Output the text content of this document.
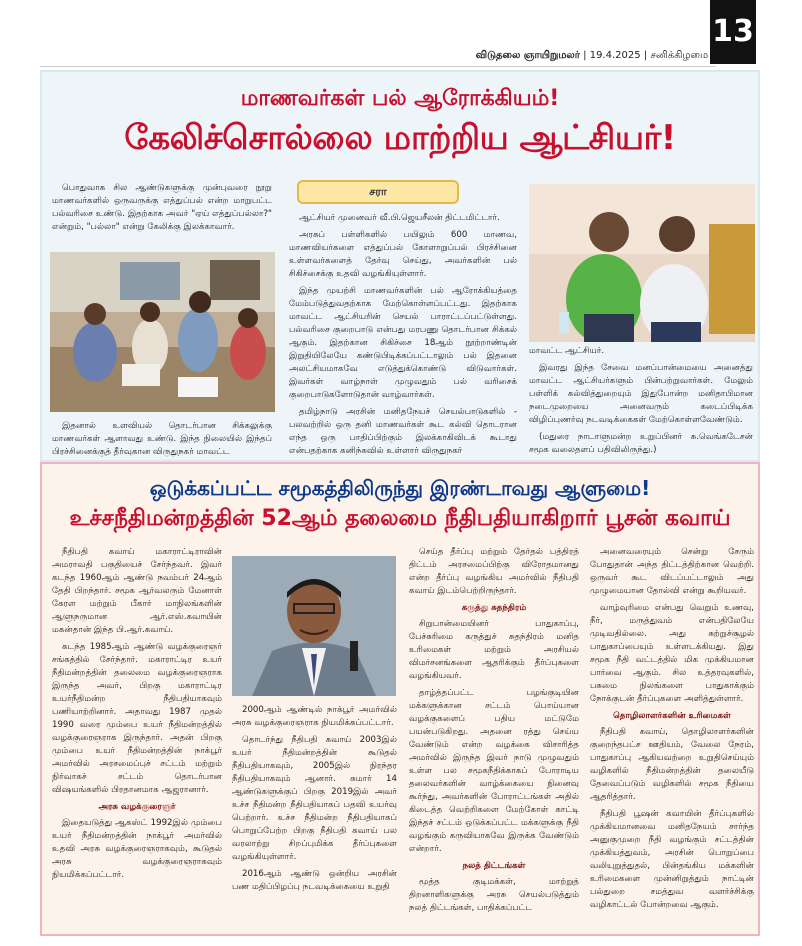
13
விடுதலை ஞாயிறுமலர் | 19.4.2025 | சனிக்கிழமை
மாணவர்கள் பல் ஆரோக்கியம்!
கேலிச்சொல்லை மாற்றிய ஆட்சியர்!

பொதுவாக சில ஆண்டுகளுக்கு முன்புவரை நூறு மாணவர்களில் ஒருவருக்கு எத்துப்பல் என்ற மாறுபட்ட பல்வரிசை உண்டு. இதற்காக அவர் "ஏய் எத்துப்பல்லா?" என்றும், "பல்லா" என்று கேலிக்கு இலக்காவார்.

இதனால் உளவியல் தொடர்பான சிக்கலுக்கு மாணவர்கள் ஆளாவது உண்டு. இந்த நிலையில் இந்தப் பிரச்சினைக்குத் தீர்வுகான விருதுநகர் மாவட்ட

சரா

ஆட்சியர் முனைவர் வீ.பி.ஜெயசீலன் திட்டமிட்டார்.

அரசுப் பள்ளிகளில் பயிலும் 600 மாணவ, மாணவியர்களை எத்துப்பல் கோளாறுப்பல் பிரச்சினை உள்ளவர்களைத் தேர்வு செய்து, அவர்களின் பல் சிகிச்சைக்கு உதவி வழங்கியுள்ளார்.

இந்த முயற்சி மாணவர்களின் பல் ஆரோக்கியத்தை மேம்படுத்துவதற்காக மேற்கொள்ளப்பட்டது. இதற்காக மாவட்ட ஆட்சியரின் செயல் பாராட்டப்பட்டுள்ளது. பல்வரிசை குறைபாடு என்பது மரபணு தொடர்பான சிக்கல் ஆகும். இதற்கான சிகிச்சை 18ஆம் நூற்றாண்டின் இறுதியிலேயே கண்டுபிடிக்கப்பட்டாலும் பல் இதனை அலட்சியமாகவே எடுத்துக்கொண்டு விடுவார்கள். இவர்கள் வாழ்நாள் முழுவதும் பல் வரிசைக் குறைபாடுகளோடுதான் வாழ்வார்கள்.

தமிழ்நாடு அரசின் மனிதநேயச் செயல்பாடுகளில் - பலவற்றில் ஒரு தனி மாணவர்கள் கூட கல்வி தொடரான எந்த ஒரு பாதிப்பிற்கும் இலக்காகிவிடக் கூடாது என்பதற்காக கனிந்கவில் உள்ளார் விருதுநகர்

மாவட்ட ஆட்சியர்.

இவரது இந்த சேவை மனப்பான்மையை அனைத்து மாவட்ட ஆட்சியர்களும் பின்பற்றுவார்கள். மேலும் பள்ளிக் கல்வித்துறையும் இதுபோன்ற மனிதாபிமான நடைமுறையை அனைவரும் கடைப்பிடிக்க விழிப்புணர்வு நடவடிக்கைகள் மேற்கொள்ளவேண்டும்.

(மதுரை நாடாளுமன்ற உறுப்பினர் சு.வெங்கடேசன் சமூக வலைதளப் பதிவிலிருந்து.)

ஒடுக்கப்பட்ட சமூகத்திலிருந்து இரண்டாவது ஆளுமை!
உச்சநீதிமன்றத்தின் 52ஆம் தலைமை நீதிபதியாகிறார் பூசன் கவாய்

நீதிபதி கவாய் மகாராட்டிராவின் அமராவதி பகுதியைச் சேர்ந்தவர். இவர் கடந்த 1960ஆம் ஆண்டு நவம்பர் 24ஆம் தேதி பிறந்தார். சமூக ஆர்வலரும் மேனாள் கேரள மற்றும் பீகார் மாநிலங்களின் ஆளுநருமான ஆர்.எஸ்.கவாயின் மகன்தான் இந்த பி.ஆர்.கவாய்.

கடந்த 1985ஆம் ஆண்டு வழக்குரைஞர் சங்கத்தில் சேர்ந்தார். மகாராட்டிர உயர் நீதிமன்றத்தின் தலைமை வழக்குரைஞராக இருந்த அவர், பிறகு மகாராட்டிர உயர்நீதிமன்ற நீதிபதியாகவும் பணியாற்றினார். அதாவது 1987 முதல் 1990 வரை மும்பை உயர் நீதிமன்றத்தில் வழக்குரைஞராக இருந்தார். அதன் பிறகு மும்பை உயர் நீதிமன்றத்தின் நாக்பூர் அமர்வில் அரசமைப்புச் சட்டம் மற்றும் நிர்வாகச் சட்டம் தொடர்பான விஷயங்களில் பிரதானமாக ஆஜரானார்.

அரசு வழக்குரைஞர்

இதையடுத்து ஆகஸ்ட் 1992இல் மும்பை உயர் நீதிமன்றத்தின் நாக்பூர் அமர்வில் உதவி அரசு வழக்குரைஞராகவும், கூடுதல் அரசு வழக்குரைஞராகவும் நியமிக்கப்பட்டார்.

2000ஆம் ஆண்டில் நாக்பூர் அமர்வில் அரசு வழக்குரைஞராக நியமிக்கப்பட்டார்.

தொடர்ந்து நீதிபதி கவாய் 2003இல் உயர் நீதிமன்றத்தின் கூடுதல் நீதிபதியாகவும், 2005இல் நிரந்தர நீதிபதியாகவும் ஆனார். சுமார் 14 ஆண்டுகளுக்குப் பிறகு 2019இல் அவர் உச்ச நீதிமன்ற நீதிபதியாகப் பதவி உயர்வு பெற்றார். உச்ச நீதிமன்ற நீதிபதியாகப் பொறுப்பேற்ற பிறகு நீதிபதி கவாய் பல வரலாற்று சிறப்புமிக்க தீர்ப்புகளை வழங்கியுள்ளார்.

2016ஆம் ஆண்டு ஒன்றிய அரசின் பண மதிப்பிழப்பு நடவடிக்கையை உறுதி

செய்த தீர்ப்பு மற்றும் தேர்தல் பத்திரத் திட்டம் அரசமைப்பிற்கு விரோதமானது என்ற தீர்ப்பு வழங்கிய அமர்வில் நீதிபதி கவாய் இடம்பெற்றிருந்தார்.

கருத்து சுதந்திரம்

சிறுபான்மையினர் பாதுகாப்பு, பேச்சுரிமை கருத்துச் சுதந்திரம் மனித உரிமைகள் மற்றும் அரசியல் விமர்சனங்களை ஆதரிக்கும் தீர்ப்புகளை வழங்கியவர்.

தாழ்த்தப்பட்ட பழங்குடியின மக்களுக்கான சட்டம் பொய்யான வழக்குகளைப் பதிய மட்டுமே பயன்படுகிறது. அதனை ரத்து செய்ய வேண்டும் என்ற வழக்கை விசாரித்த அமர்வில் இருந்த இவர் நாடு முழுவதும் உள்ள பல சமூகநீதிக்காகப் போராடிய தலைவர்களின் வாழ்க்கையை நினைவு கூர்ந்து, அவர்களின் போராட்டங்கள் அதில் கிடைத்த வெற்றிகளை மேற்கோள் காட்டி இந்தச் சட்டம் ஒடுக்கப்பட்ட மக்களுக்கு நீதி வழங்கும் கருவியாகவே இருக்க வேண்டும் என்றார்.

நலத் திட்டங்கள்

மூத்த குடிமக்கள், மாற்றுத் திறனாளிகளுக்கு அரசு செயல்படுத்தும் நலத் திட்டங்கள், பாதிக்கப்பட்ட

அனைவரையும் சென்று சேரும் போதுதான் அந்த திட்டத்திற்கான வெற்றி. ஒருவர் கூட விடப்பட்டாலும் அது முழுமையான தோல்வி என்று கூறியவர்.

வாழ்வுரிமை என்பது வெறும் உணவு, நீர், மருத்துவம் என்பதிலேயே முடிவதில்லை. அது சுற்றுச்சூழல் பாதுகாப்பையும் உள்ளடக்கியது. இது சமூக நீதி வட்டத்தில் மிக முக்கியமான பார்வை ஆகும். சில உத்தரவுகளில், பசுமை நிலங்களை பாதுகாக்கும் நோக்குடன் தீர்ப்புகளை அளித்துள்ளார்.

தொழிலாளர்களின் உரிமைகள்

நீதிபதி கவாய், தொழிலாளர்களின் குறைந்தபட்ச ஊதியம், வேலை நேரம், பாதுகாப்பு ஆகியவற்றை உறுதிசெய்யும் வழிகளில் நீதிமன்றத்தின் தலையீடு தேவைப்படும் வழிகளில் சமூக நீதியை ஆதரித்தார்.

நீதிபதி பூஷன் கவாயின் தீர்ப்புகளில் முக்கியமானவை மனிதநேயம் சார்ந்த அனுகுமுறை நீதி வழங்கும் சட்டத்தின் முக்கியத்துவம், அரசின் பொறுப்பை வலியுறுத்துதல், பின்தங்கிய மக்களின் உரிமைகளை முன்னிறுத்தும் நாட்டின் பல்துறை சமத்துவ வளர்ச்சிக்கு வழிகாட்டல் போன்றவை ஆகும்.
